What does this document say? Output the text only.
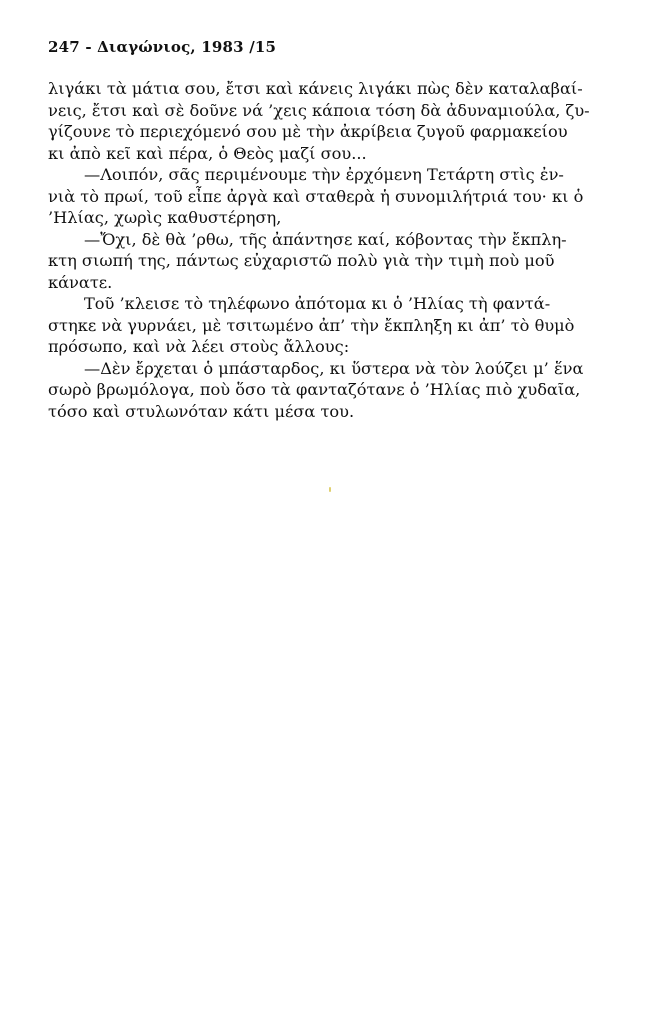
247 - Διαγώνιος, 1983 /15
λιγάκι τὰ μάτια σου, ἔτσι καὶ κάνεις λιγάκι πὼς δὲν καταλαβαί-
νεις, ἔτσι καὶ σὲ δοῦνε νά ’χεις κάποια τόση δὰ ἀδυναμιούλα, ζυ-
γίζουνε τὸ περιεχόμενό σου μὲ τὴν ἀκρίβεια ζυγοῦ φαρμακείου
κι ἀπὸ κεῖ καὶ πέρα, ὁ Θεὸς μαζί σου...
—Λοιπόν, σᾶς περιμένουμε τὴν ἐρχόμενη Τετάρτη στὶς ἐν-
νιὰ τὸ πρωί, τοῦ εἶπε ἀργὰ καὶ σταθερὰ ἡ συνομιλήτριά του· κι ὁ
’Ηλίας, χωρὶς καθυστέρηση,
—Ὄχι, δὲ θὰ ’ρθω, τῆς ἀπάντησε καί, κόβοντας τὴν ἔκπλη-
κτη σιωπή της, πάντως εὐχαριστῶ πολὺ γιὰ τὴν τιμὴ ποὺ μοῦ
κάνατε.
Τοῦ ’κλεισε τὸ τηλέφωνο ἀπότομα κι ὁ ’Ηλίας τὴ φαντά-
στηκε νὰ γυρνάει, μὲ τσιτωμένο ἀπ’ τὴν ἔκπληξη κι ἀπ’ τὸ θυμὸ
πρόσωπο, καὶ νὰ λέει στοὺς ἄλλους:
—Δὲν ἔρχεται ὁ μπάσταρδος, κι ὕστερα νὰ τὸν λούζει μ’ ἕνα
σωρὸ βρωμόλογα, ποὺ ὅσο τὰ φανταζότανε ὁ ’Ηλίας πιὸ χυδαῖα,
τόσο καὶ στυλωνόταν κάτι μέσα του.
